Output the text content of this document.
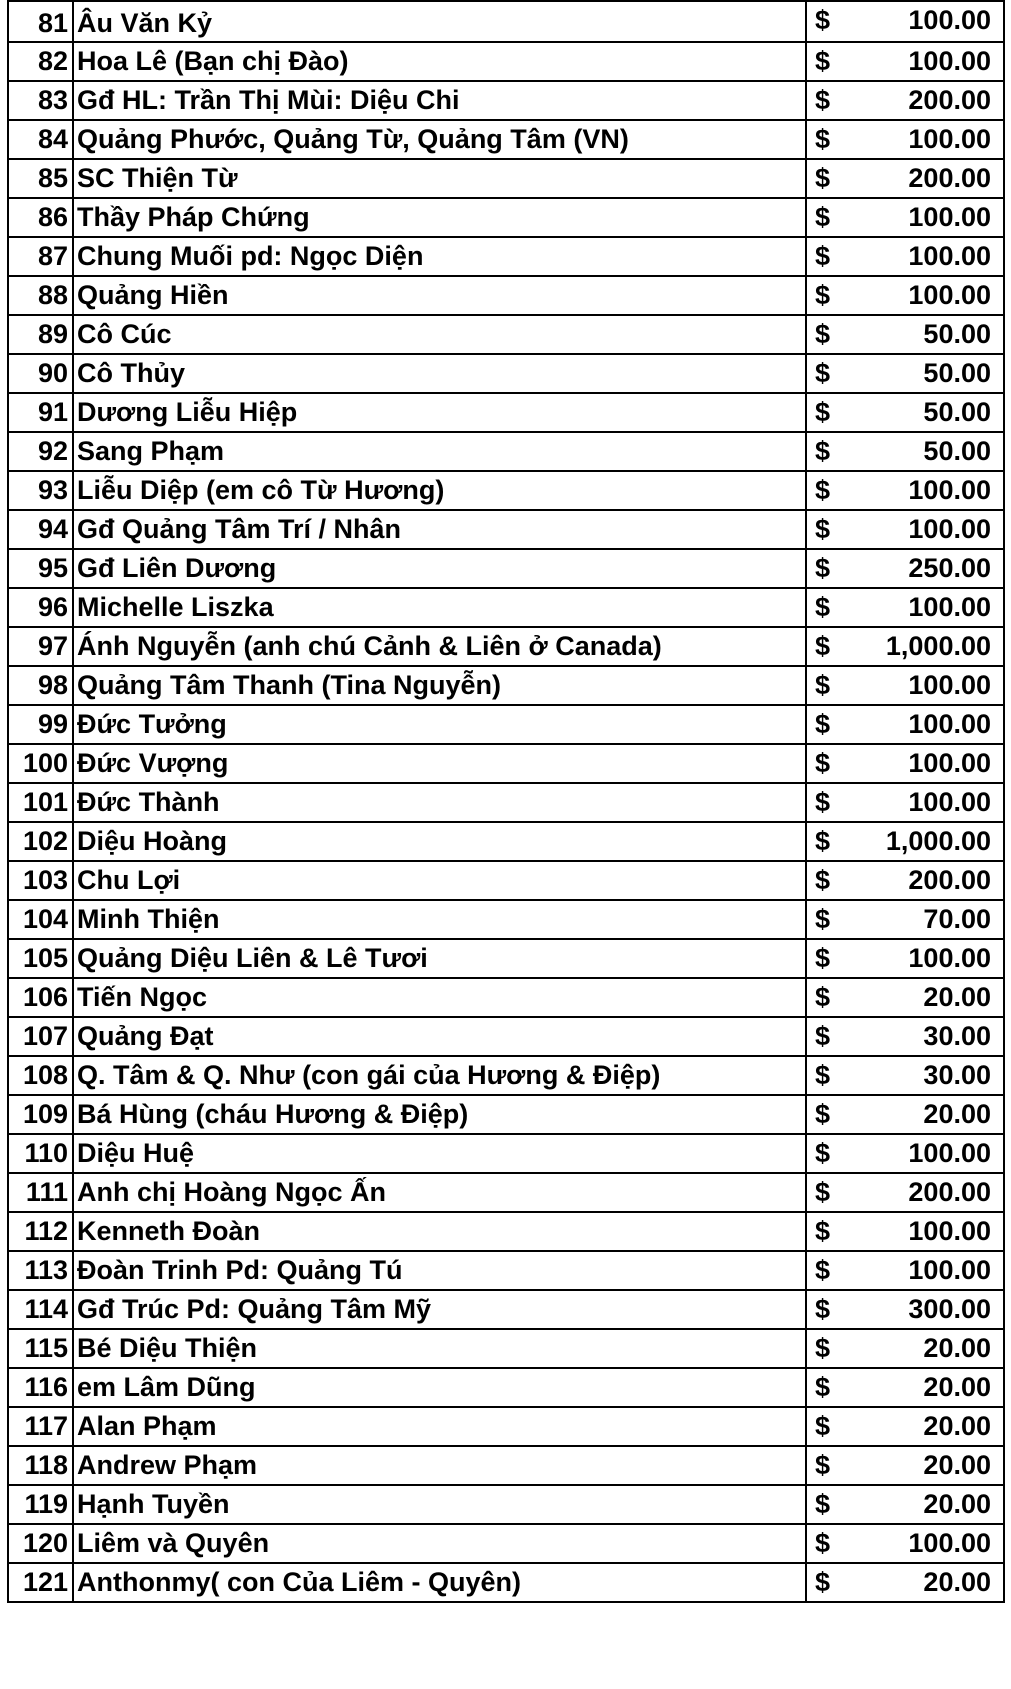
81	Âu Văn Kỷ	$ 100.00

82	Hoa Lê (Bạn chị Đào)	$ 100.00

83	Gđ HL: Trần Thị Mùi: Diệu Chi	$ 200.00

84	Quảng Phước, Quảng Từ, Quảng Tâm (VN)	$ 100.00

85	SC Thiện Từ	$ 200.00

86	Thầy Pháp Chứng	$ 100.00

87	Chung Muối pd: Ngọc Diện	$ 100.00

88	Quảng Hiền	$ 100.00

89	Cô Cúc	$ 50.00

90	Cô Thủy	$ 50.00

91	Dương Liễu Hiệp	$ 50.00

92	Sang Phạm	$ 50.00

93	Liễu Diệp (em cô Từ Hương)	$ 100.00

94	Gđ Quảng Tâm Trí / Nhân	$ 100.00

95	Gđ Liên Dương	$ 250.00

96	Michelle Liszka	$ 100.00

97	Ánh Nguyễn (anh chú Cảnh & Liên ở Canada)	$ 1,000.00

98	Quảng Tâm Thanh (Tina Nguyễn)	$ 100.00

99	Đức Tưởng	$ 100.00

100	Đức Vượng	$ 100.00

101	Đức Thành	$ 100.00

102	Diệu Hoàng	$ 1,000.00

103	Chu Lợi	$ 200.00

104	Minh Thiện	$ 70.00

105	Quảng Diệu Liên & Lê Tươi	$ 100.00

106	Tiến Ngọc	$ 20.00

107	Quảng Đạt	$ 30.00

108	Q. Tâm & Q. Như (con gái của Hương & Điệp)	$ 30.00

109	Bá Hùng (cháu Hương & Điệp)	$ 20.00

110	Diệu Huệ	$ 100.00

111	Anh chị Hoàng Ngọc Ấn	$ 200.00

112	Kenneth Đoàn	$ 100.00

113	Đoàn Trinh Pd: Quảng Tú	$ 100.00

114	Gđ Trúc Pd: Quảng Tâm Mỹ	$ 300.00

115	Bé Diệu Thiện	$ 20.00

116	em Lâm Dũng	$ 20.00

117	Alan Phạm	$ 20.00

118	Andrew Phạm	$ 20.00

119	Hạnh Tuyền	$ 20.00

120	Liêm và Quyên	$ 100.00

121	Anthonmy( con Của Liêm - Quyên)	$ 20.00
